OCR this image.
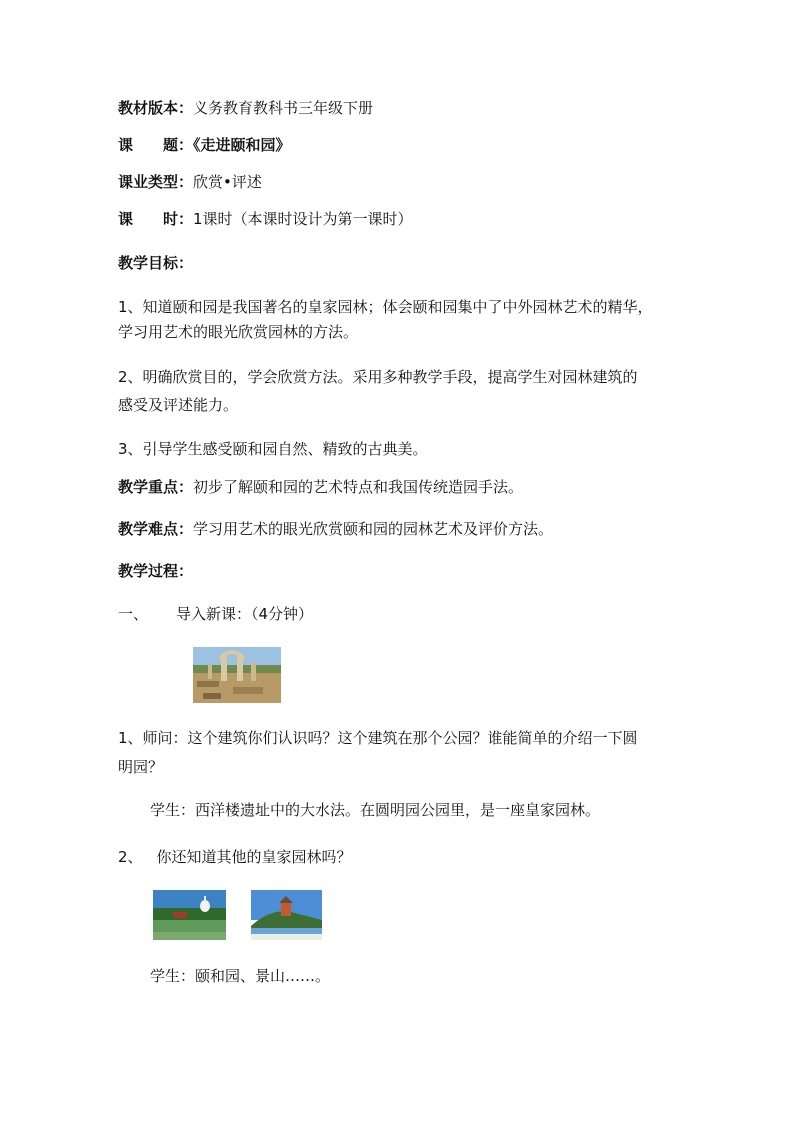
教材版本：义务教育教科书三年级下册
课　　题：《走进颐和园》
课业类型：欣赏•评述
课　　时：1课时（本课时设计为第一课时）
教学目标：
1、知道颐和园是我国著名的皇家园林；体会颐和园集中了中外园林艺术的精华，
学习用艺术的眼光欣赏园林的方法。
2、明确欣赏目的，学会欣赏方法。采用多种教学手段，提高学生对园林建筑的
感受及评述能力。
3、引导学生感受颐和园自然、精致的古典美。
教学重点：初步了解颐和园的艺术特点和我国传统造园手法。
教学难点：学习用艺术的眼光欣赏颐和园的园林艺术及评价方法。
教学过程：
一、 导入新课：（4分钟）
1、师问：这个建筑你们认识吗？这个建筑在那个公园？谁能简单的介绍一下圆
明园？
学生：西洋楼遗址中的大水法。在圆明园公园里，是一座皇家园林。
2、 你还知道其他的皇家园林吗？
学生：颐和园、景山……。
